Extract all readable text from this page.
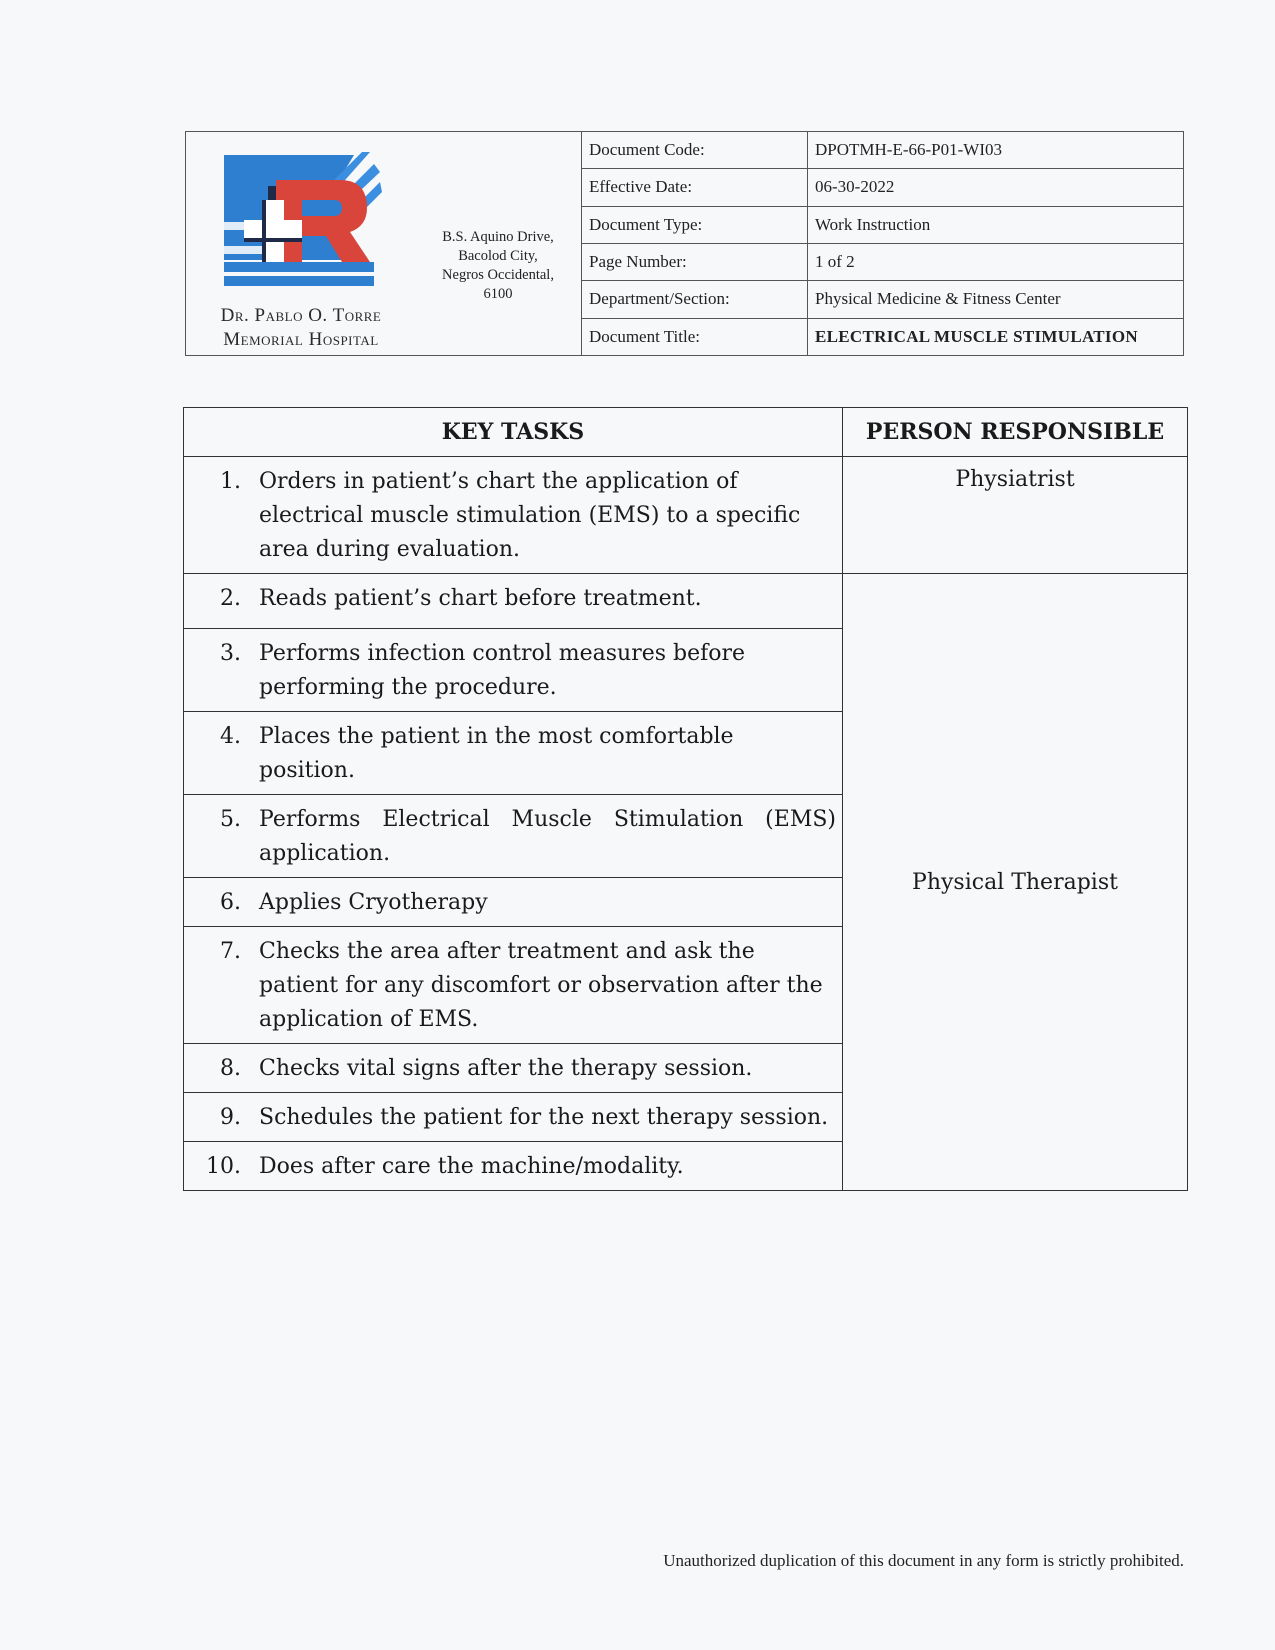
Dr. Pablo O. Torre
Memorial Hospital
B.S. Aquino Drive,
Bacolod City,
Negros Occidental,
6100
Document Code:	DPOTMH-E-66-P01-WI03
Effective Date:	06-30-2022
Document Type:	Work Instruction
Page Number:	1 of 2
Department/Section:	Physical Medicine & Fitness Center
Document Title:	ELECTRICAL MUSCLE STIMULATION
KEY TASKS	PERSON RESPONSIBLE

1. Orders in patient’s chart the application of electrical muscle stimulation (EMS) to a specific area during evaluation.	Physiatrist

2. Reads patient’s chart before treatment.	Physical Therapist

3. Performs infection control measures before performing the procedure.	

4. Places the patient in the most comfortable position.	

5. Performs Electrical Muscle Stimulation (EMS) application.	

6. Applies Cryotherapy	

7. Checks the area after treatment and ask the patient for any discomfort or observation after the application of EMS.	

8. Checks vital signs after the therapy session.	

9. Schedules the patient for the next therapy session.	

10. Does after care the machine/modality.	
Unauthorized duplication of this document in any form is strictly prohibited.
